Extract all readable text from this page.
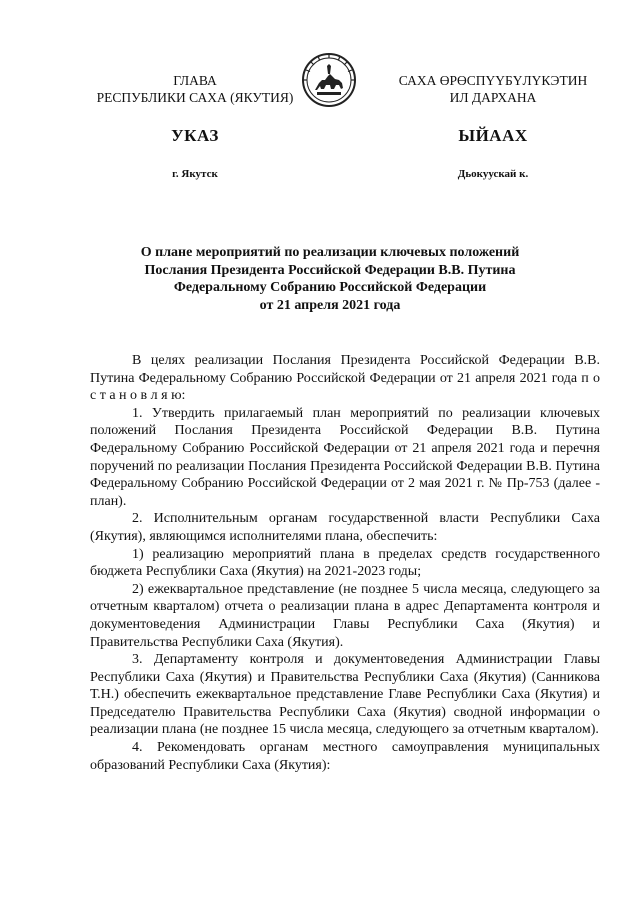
ГЛАВА
РЕСПУБЛИКИ САХА (ЯКУТИЯ)
САХА ӨРӨСПҮҮБҮЛҮКЭТИН
ИЛ ДАРХАНА
УКАЗ	ЫЙААХ
г. Якутск	Дьокуускай к.
О плане мероприятий по реализации ключевых положений
Послания Президента Российской Федерации В.В. Путина
Федеральному Собранию Российской Федерации
от 21 апреля 2021 года

В целях реализации Послания Президента Российской Федерации В.В. Путина Федеральному Собранию Российской Федерации от 21 апреля 2021 года п о с т а н о в л я ю:

1. Утвердить прилагаемый план мероприятий по реализации ключевых положений Послания Президента Российской Федерации В.В. Путина Федеральному Собранию Российской Федерации от 21 апреля 2021 года и перечня поручений по реализации Послания Президента Российской Федерации В.В. Путина Федеральному Собранию Российской Федерации от 2 мая 2021 г. № Пр-753 (далее - план).

2. Исполнительным органам государственной власти Республики Саха (Якутия), являющимся исполнителями плана, обеспечить:

1) реализацию мероприятий плана в пределах средств государственного бюджета Республики Саха (Якутия) на 2021-2023 годы;

2) ежеквартальное представление (не позднее 5 числа месяца, следующего за отчетным кварталом) отчета о реализации плана в адрес Департамента контроля и документоведения Администрации Главы Республики Саха (Якутия) и Правительства Республики Саха (Якутия).

3. Департаменту контроля и документоведения Администрации Главы Республики Саха (Якутия) и Правительства Республики Саха (Якутия) (Санникова Т.Н.) обеспечить ежеквартальное представление Главе Республики Саха (Якутия) и Председателю Правительства Республики Саха (Якутия) сводной информации о реализации плана (не позднее 15 числа месяца, следующего за отчетным кварталом).

4. Рекомендовать органам местного самоуправления муниципальных образований Республики Саха (Якутия):
